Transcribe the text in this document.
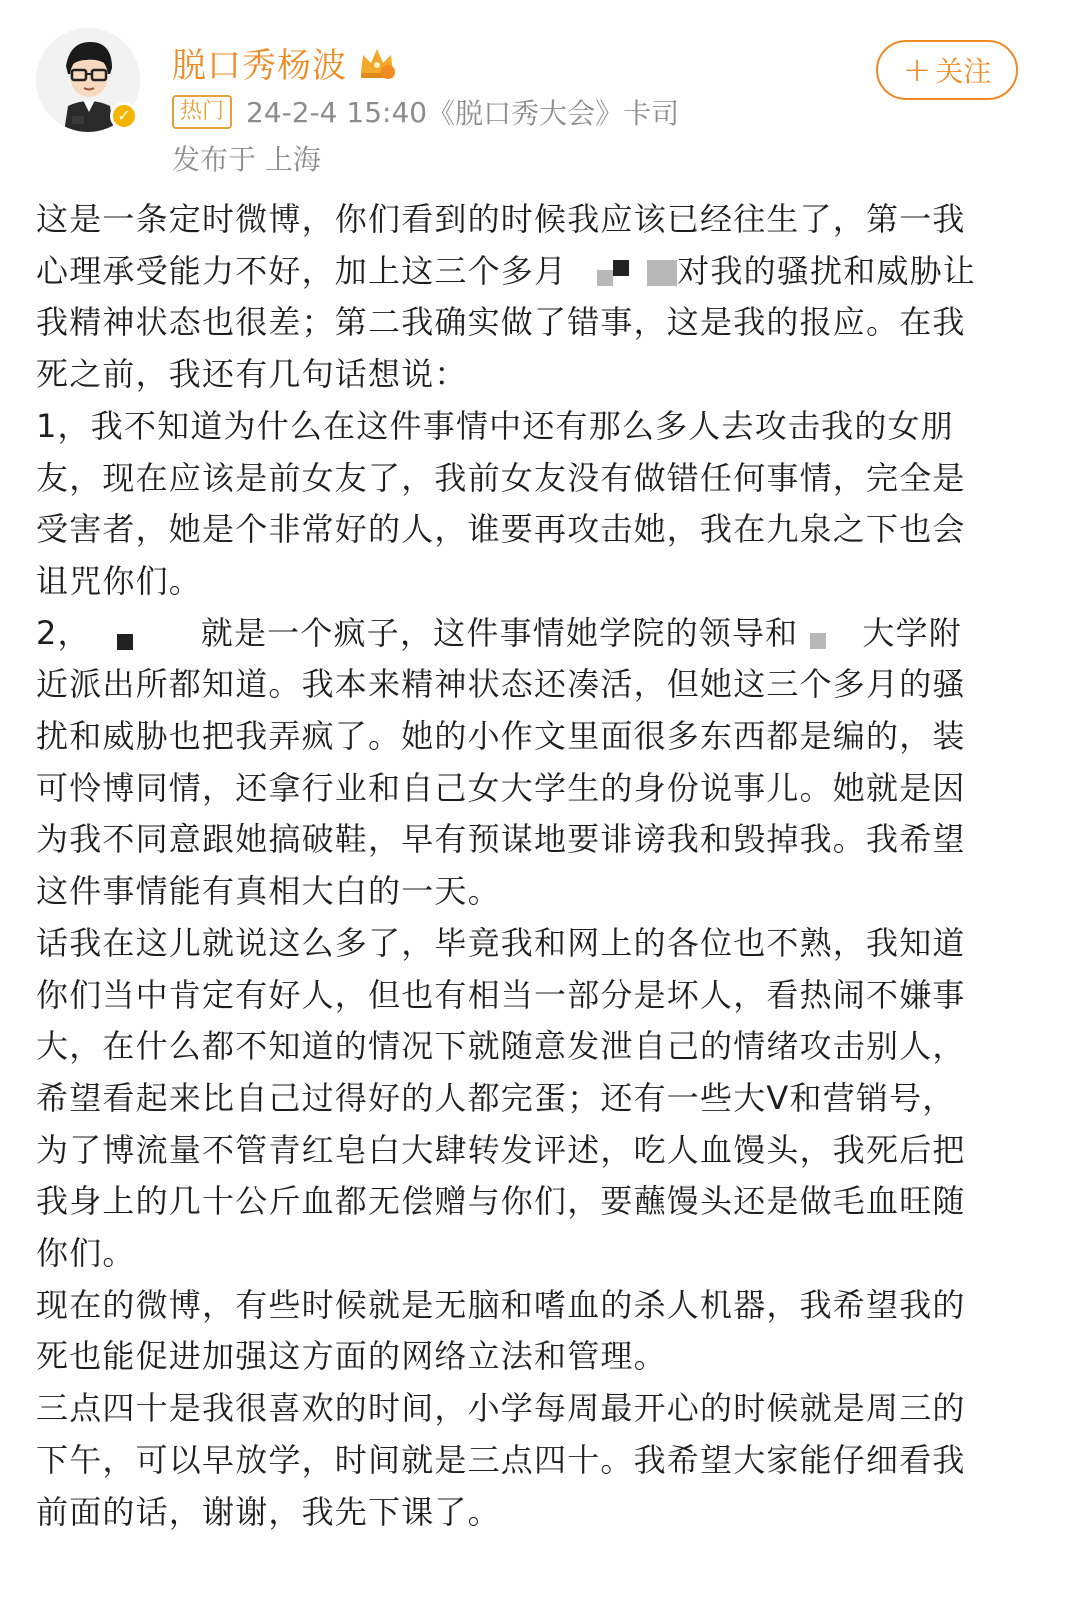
✓
脱口秀杨波
热门 24-2-4 15:40 《脱口秀大会》卡司
发布于 上海
+ 关注

这是一条定时微博，你们看到的时候我应该已经往生了，第一我

心理承受能力不好，加上这三个多月	对我的骚扰和威胁让

我精神状态也很差；第二我确实做了错事，这是我的报应。在我

死之前，我还有几句话想说：

1，我不知道为什么在这件事情中还有那么多人去攻击我的女朋

友，现在应该是前女友了，我前女友没有做错任何事情，完全是

受害者，她是个非常好的人，谁要再攻击她，我在九泉之下也会

诅咒你们。

2，	就是一个疯子，这件事情她学院的领导和 大学附

近派出所都知道。我本来精神状态还凑活，但她这三个多月的骚

扰和威胁也把我弄疯了。她的小作文里面很多东西都是编的，装

可怜博同情，还拿行业和自己女大学生的身份说事儿。她就是因

为我不同意跟她搞破鞋，早有预谋地要诽谤我和毁掉我。我希望

这件事情能有真相大白的一天。

话我在这儿就说这么多了，毕竟我和网上的各位也不熟，我知道

你们当中肯定有好人，但也有相当一部分是坏人，看热闹不嫌事

大，在什么都不知道的情况下就随意发泄自己的情绪攻击别人，

希望看起来比自己过得好的人都完蛋；还有一些大V和营销号，

为了博流量不管青红皂白大肆转发评述，吃人血馒头，我死后把

我身上的几十公斤血都无偿赠与你们，要蘸馒头还是做毛血旺随

你们。

现在的微博，有些时候就是无脑和嗜血的杀人机器，我希望我的

死也能促进加强这方面的网络立法和管理。

三点四十是我很喜欢的时间，小学每周最开心的时候就是周三的

下午，可以早放学，时间就是三点四十。我希望大家能仔细看我

前面的话，谢谢，我先下课了。
